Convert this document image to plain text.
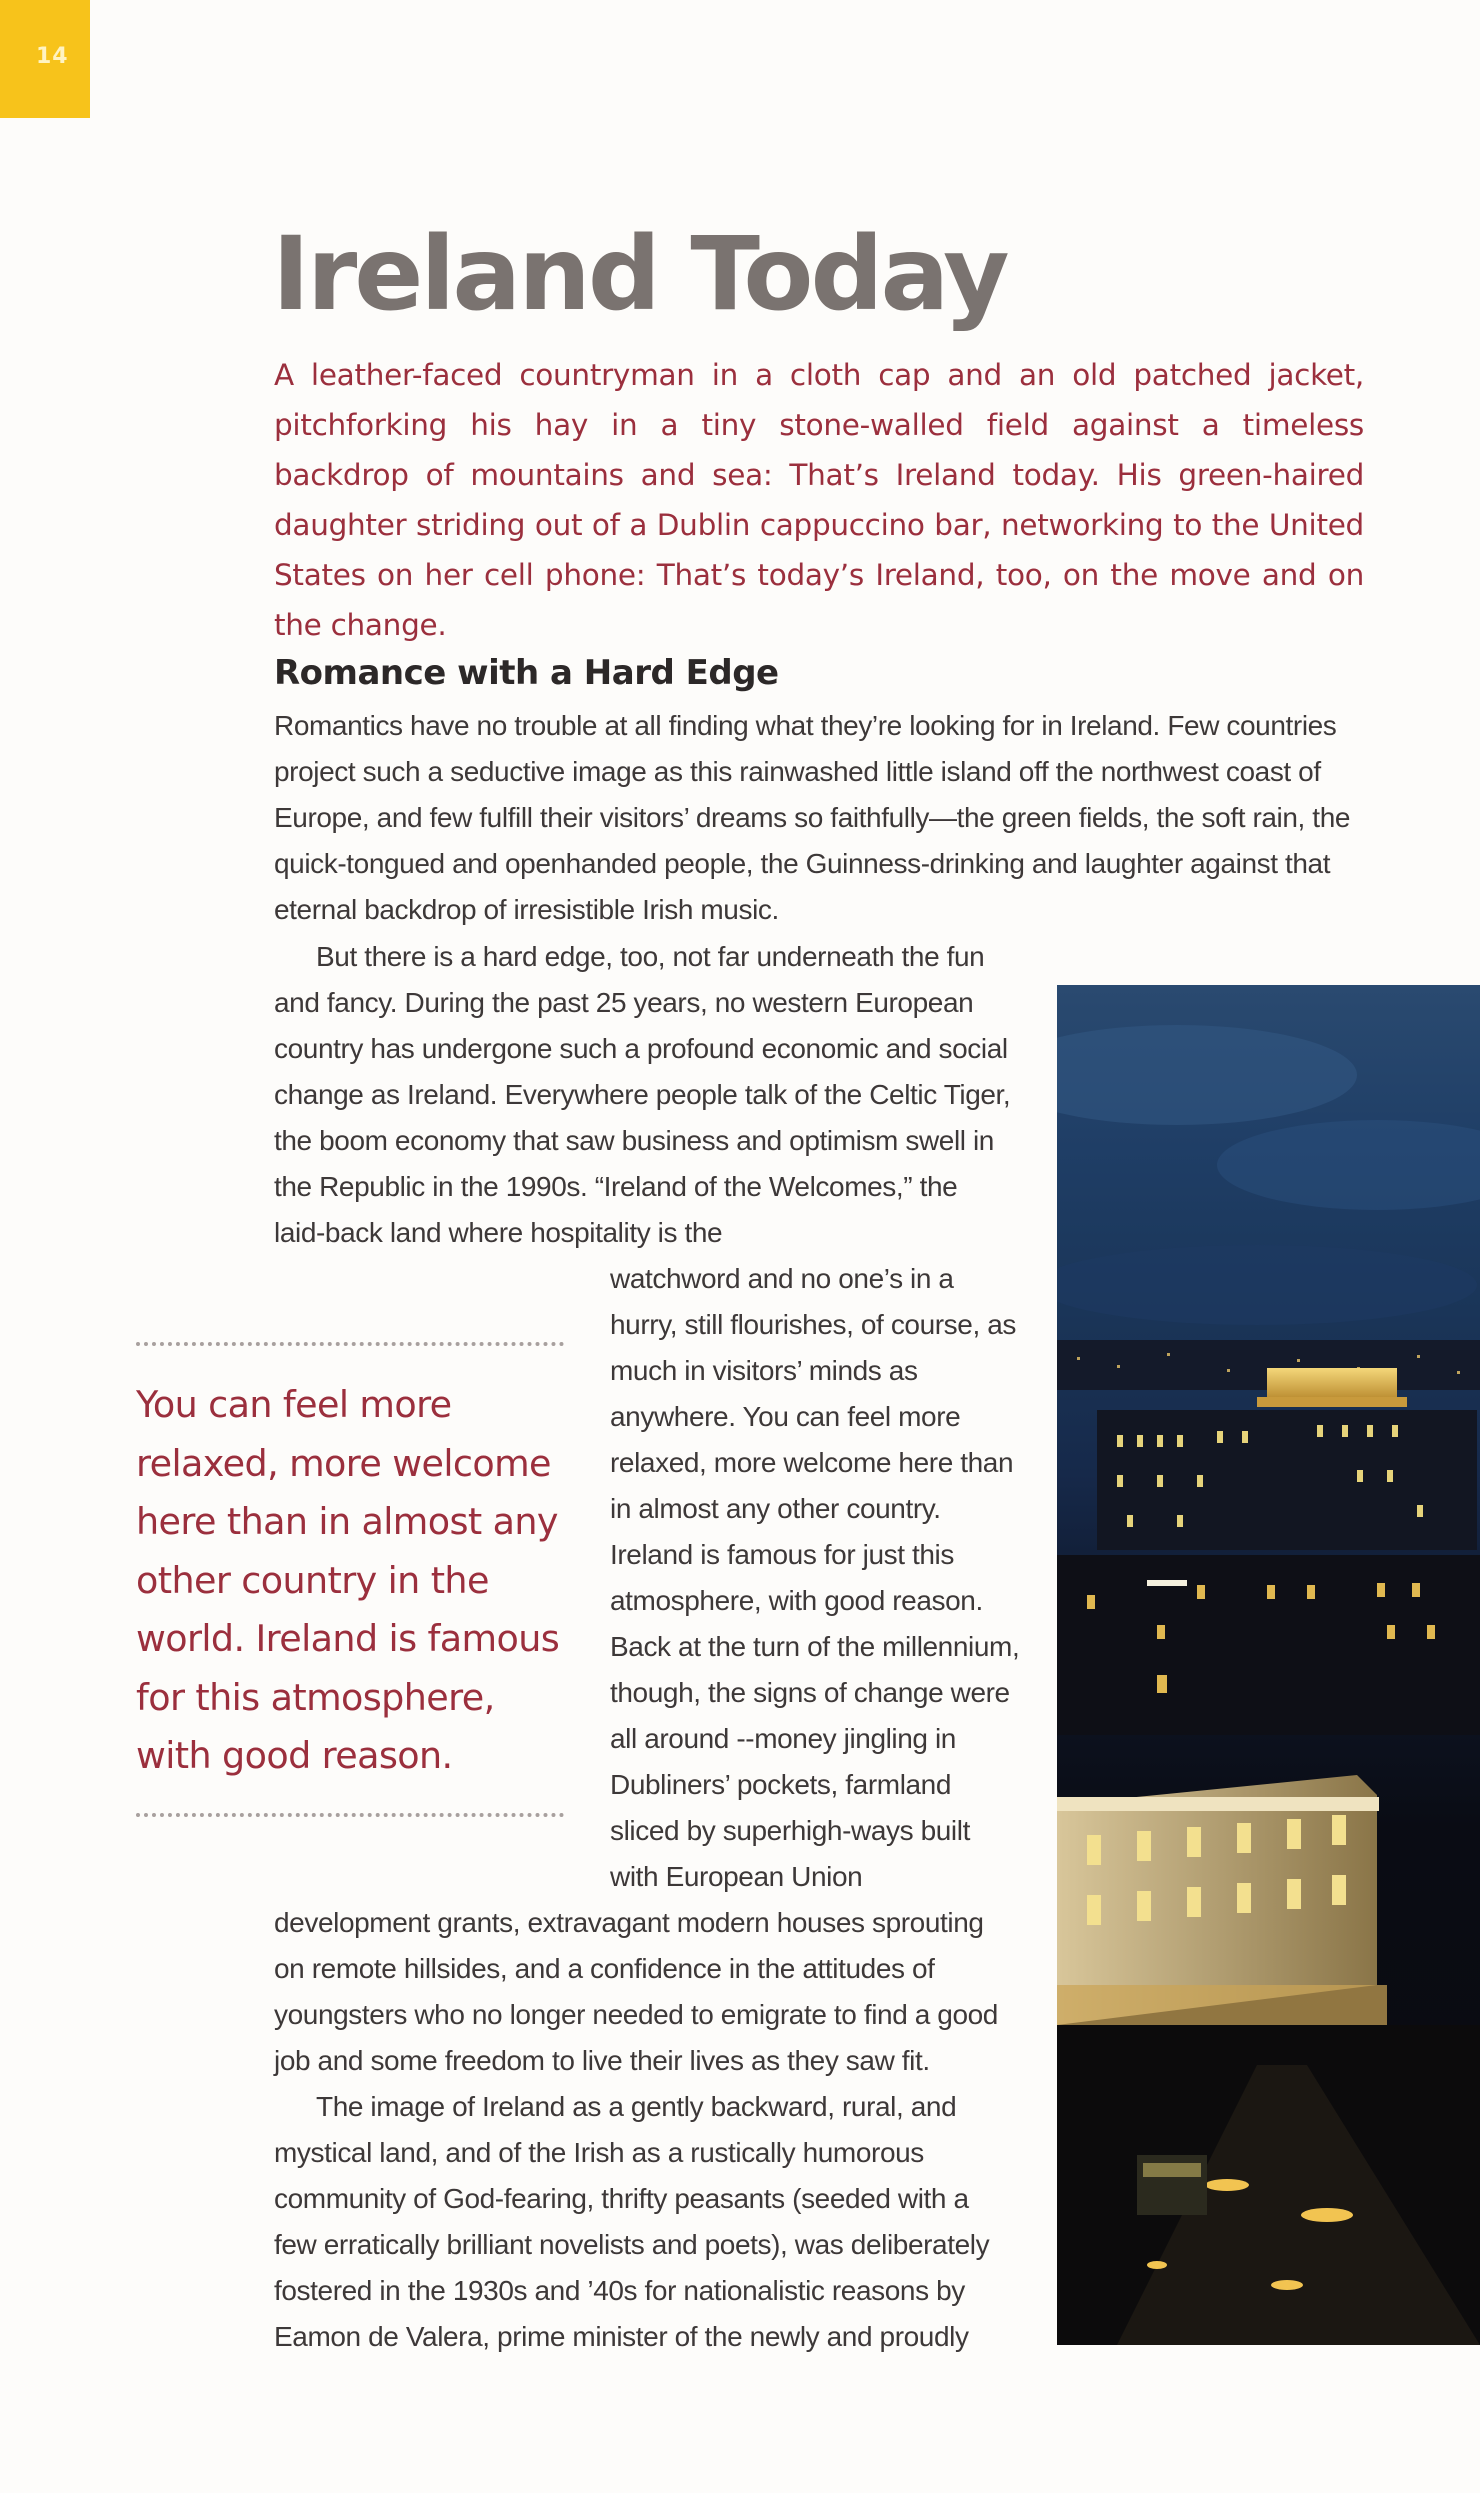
14
Ireland Today

A leather-faced countryman in a cloth cap and an old patched jacket, pitchforking his hay in a tiny stone-walled field against a timeless backdrop of mountains and sea: That’s Ireland today. His green-haired daughter striding out of a Dublin cappuccino bar, networking to the United States on her cell phone: That’s today’s Ireland, too, on the move and on the change.

Romance with a Hard Edge

Romantics have no trouble at all finding what they’re looking for in Ireland. Few countries project such a seductive image as this rainwashed little island off the northwest coast of Europe, and few fulfill their visitors’ dreams so faithfully—the green fields, the soft rain, the quick-tongued and openhanded people, the Guinness-drinking and laughter against that eternal backdrop of irresistible Irish music.

But there is a hard edge, too, not far underneath the fun and fancy. During the past 25 years, no western European country has undergone such a profound economic and social change as Ireland. Everywhere people talk of the Celtic Tiger, the boom economy that saw business and optimism swell in the Republic in the 1990s. “Ireland of the Welcomes,” the laid-back land where hospitality is the

watchword and no one’s in a hurry, still flourishes, of course, as much in visitors’ minds as anywhere. You can feel more relaxed, more welcome here than in almost any other country. Ireland is famous for just this atmosphere, with good reason. Back at the turn of the millennium, though, the signs of change were all around --money jingling in Dubliners’ pockets, farmland sliced by superhigh-ways built with European Union

development grants, extravagant modern houses sprouting on remote hillsides, and a confidence in the attitudes of youngsters who no longer needed to emigrate to find a good job and some freedom to live their lives as they saw fit.

The image of Ireland as a gently backward, rural, and mystical land, and of the Irish as a rustically humorous community of God-fearing, thrifty peasants (seeded with a few erratically brilliant novelists and poets), was deliberately fostered in the 1930s and ’40s for nationalistic reasons by Eamon de Valera, prime minister of the newly and proudly

You can feel more relaxed, more welcome here than in almost any other country in the world. Ireland is famous for this atmosphere, with good reason.
